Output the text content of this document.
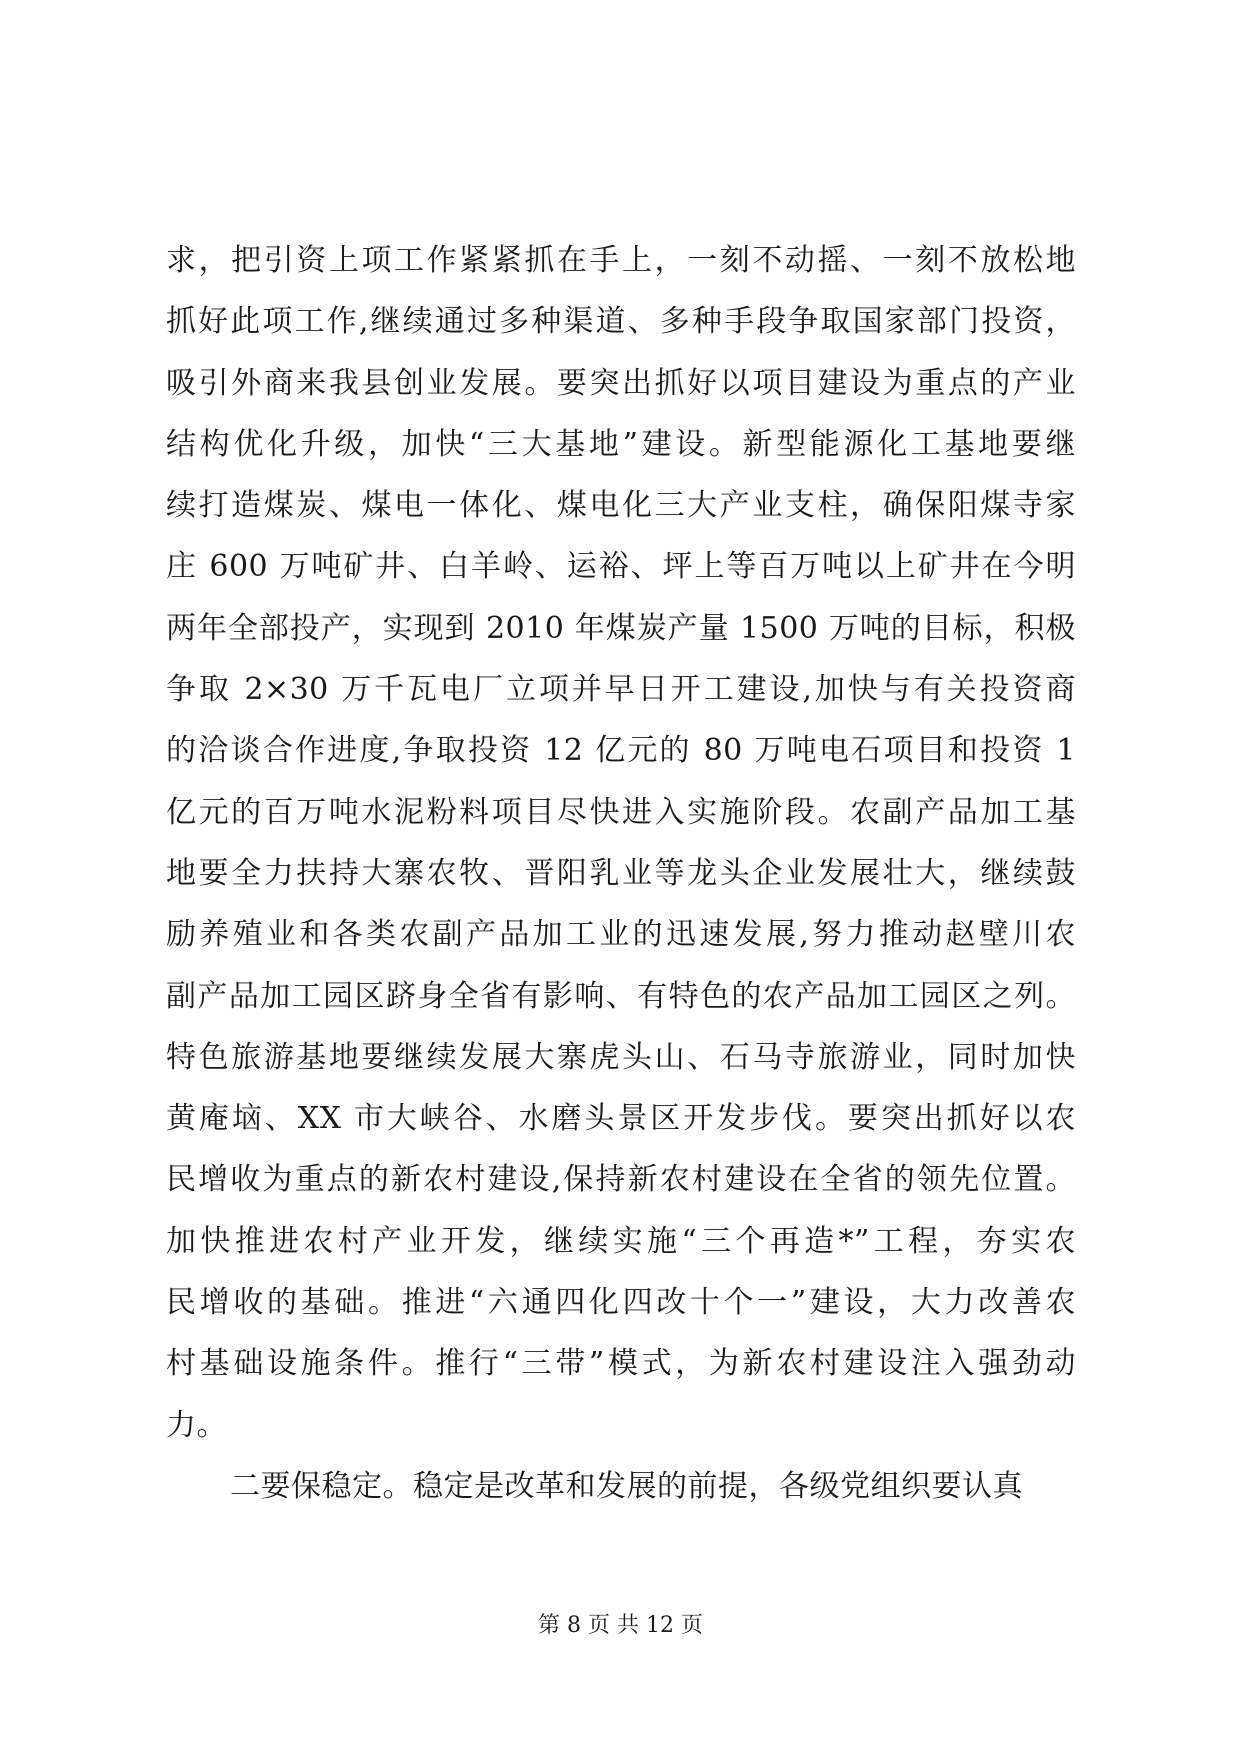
求，把引资上项工作紧紧抓在手上，一刻不动摇、一刻不放松地
抓好此项工作,继续通过多种渠道、多种手段争取国家部门投资，
吸引外商来我县创业发展。要突出抓好以项目建设为重点的产业
结构优化升级，加快“三大基地”建设。新型能源化工基地要继
续打造煤炭、煤电一体化、煤电化三大产业支柱，确保阳煤寺家
庄 600 万吨矿井、白羊岭、运裕、坪上等百万吨以上矿井在今明
两年全部投产，实现到 2010 年煤炭产量 1500 万吨的目标，积极
争取 2×30 万千瓦电厂立项并早日开工建设,加快与有关投资商
的洽谈合作进度,争取投资 12 亿元的 80 万吨电石项目和投资 1
亿元的百万吨水泥粉料项目尽快进入实施阶段。农副产品加工基
地要全力扶持大寨农牧、晋阳乳业等龙头企业发展壮大，继续鼓
励养殖业和各类农副产品加工业的迅速发展,努力推动赵壁川农
副产品加工园区跻身全省有影响、有特色的农产品加工园区之列。
特色旅游基地要继续发展大寨虎头山、石马寺旅游业，同时加快
黄庵垴、XX 市大峡谷、水磨头景区开发步伐。要突出抓好以农
民增收为重点的新农村建设,保持新农村建设在全省的领先位置。
加快推进农村产业开发，继续实施“三个再造*”工程，夯实农
民增收的基础。推进“六通四化四改十个一”建设，大力改善农
村基础设施条件。推行“三带”模式，为新农村建设注入强劲动
力。
二要保稳定。稳定是改革和发展的前提，各级党组织要认真
第 8 页 共 12 页
